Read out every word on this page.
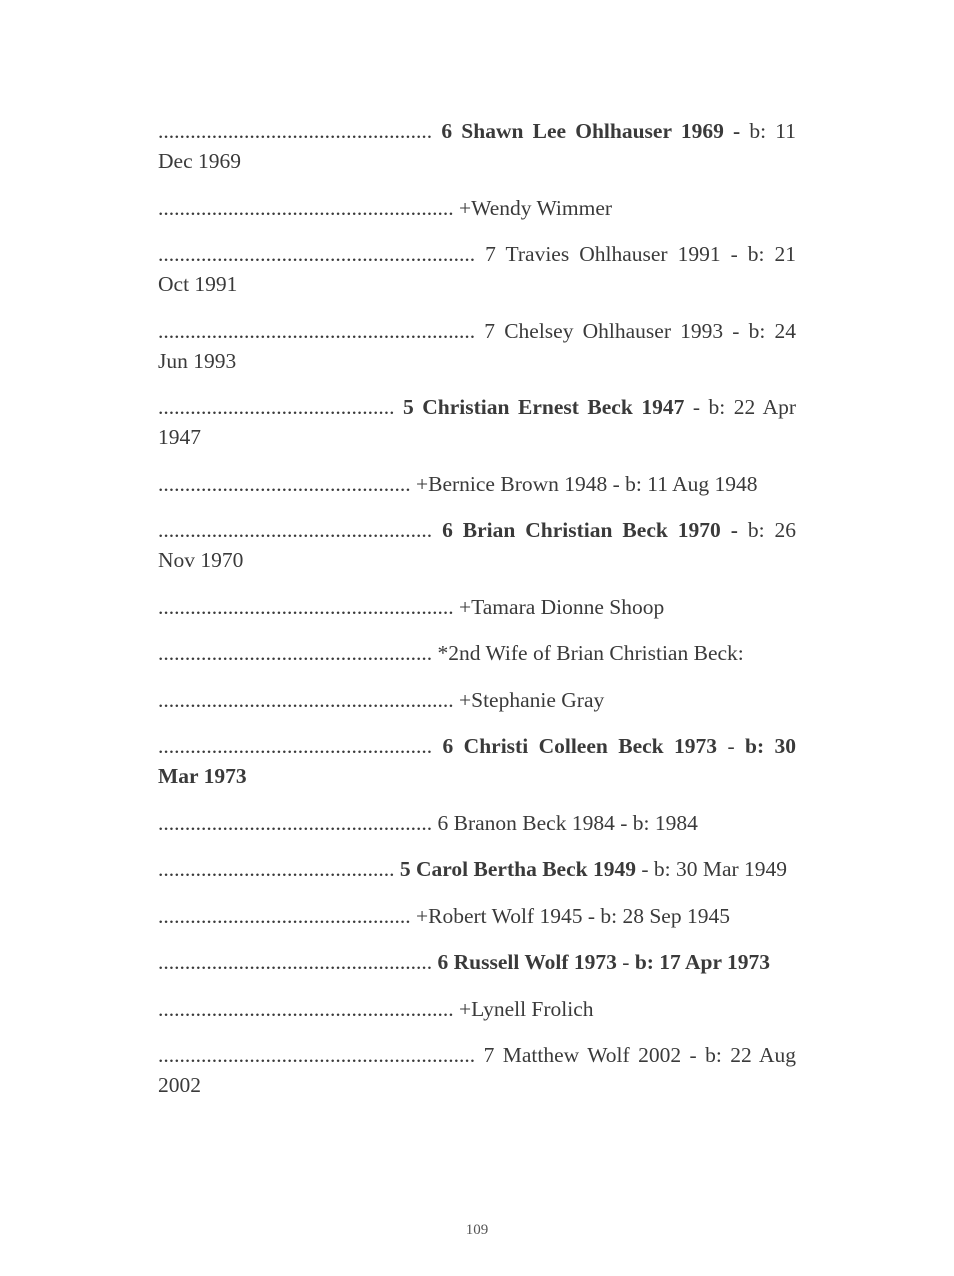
................................................... 6 Shawn Lee Ohlhauser 1969 - b: 11 Dec 1969

....................................................... +Wendy Wimmer

........................................................... 7 Travies Ohlhauser 1991 - b: 21 Oct 1991

........................................................... 7 Chelsey Ohlhauser 1993 - b: 24 Jun 1993

............................................ 5 Christian Ernest Beck 1947 - b: 22 Apr 1947

............................................... +Bernice Brown 1948 - b: 11 Aug 1948

................................................... 6 Brian Christian Beck 1970 - b: 26 Nov 1970

....................................................... +Tamara Dionne Shoop

................................................... *2nd Wife of Brian Christian Beck:

....................................................... +Stephanie Gray

................................................... 6 Christi Colleen Beck 1973 - b: 30 Mar 1973

................................................... 6 Branon Beck 1984 - b: 1984

............................................ 5 Carol Bertha Beck 1949 - b: 30 Mar 1949

............................................... +Robert Wolf 1945 - b: 28 Sep 1945

................................................... 6 Russell Wolf 1973 - b: 17 Apr 1973

....................................................... +Lynell Frolich

........................................................... 7 Matthew Wolf 2002 - b: 22 Aug 2002

109
